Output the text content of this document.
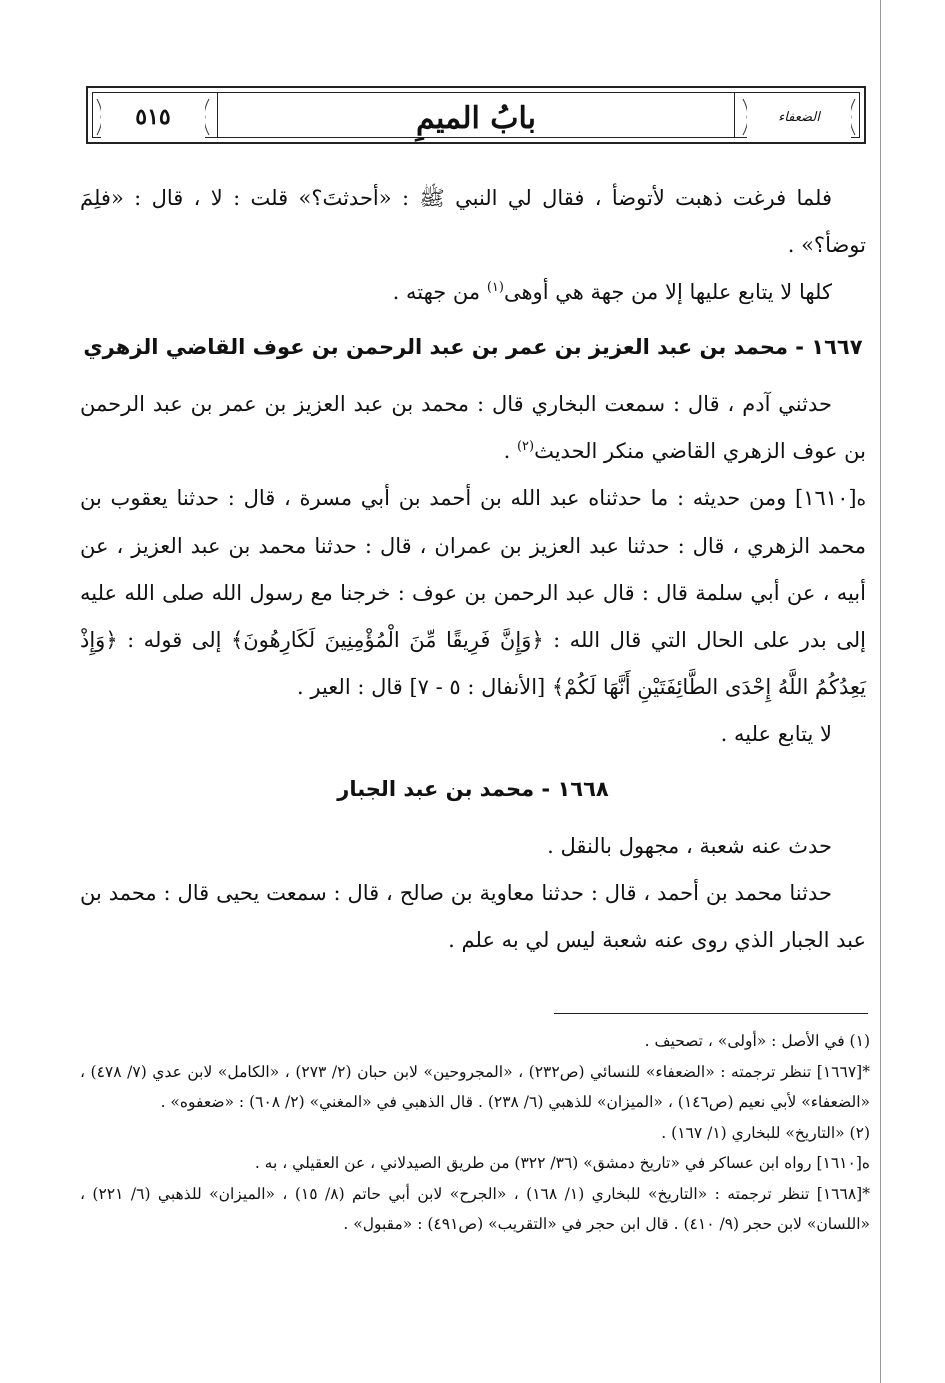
٥١٥	بابُ الميمِ	الضعفاء

فلما فرغت ذهبت لأتوضأ ، فقال لي النبي ﷺ : «أحدثتَ؟» قلت : لا ، قال : «فلِمَ توضأ؟» .

كلها لا يتابع عليها إلا من جهة هي أوهى$^{(١)}$ من جهته .

١٦٦٧ - محمد بن عبد العزيز بن عمر بن عبد الرحمن بن عوف القاضي الزهري

حدثني آدم ، قال : سمعت البخاري قال : محمد بن عبد العزيز بن عمر بن عبد الرحمن بن عوف الزهري القاضي منكر الحديث$^{(٢)}$ .

ه[١٦١٠] ومن حديثه : ما حدثناه عبد الله بن أحمد بن أبي مسرة ، قال : حدثنا يعقوب بن محمد الزهري ، قال : حدثنا عبد العزيز بن عمران ، قال : حدثنا محمد بن عبد العزيز ، عن أبيه ، عن أبي سلمة قال : قال عبد الرحمن بن عوف : خرجنا مع رسول الله صلى الله عليه إلى بدر على الحال التي قال الله : ﴿وَإِنَّ فَرِيقًا مِّنَ الْمُؤْمِنِينَ لَكَارِهُونَ﴾ إلى قوله : ﴿وَإِذْ يَعِدُكُمُ اللَّهُ إِحْدَى الطَّائِفَتَيْنِ أَنَّهَا لَكُمْ﴾ [الأنفال : ٥ - ٧] قال : العير .

لا يتابع عليه .

١٦٦٨ - محمد بن عبد الجبار

حدث عنه شعبة ، مجهول بالنقل .

حدثنا محمد بن أحمد ، قال : حدثنا معاوية بن صالح ، قال : سمعت يحيى قال : محمد بن عبد الجبار الذي روى عنه شعبة ليس لي به علم .

(١) في الأصل : «أولى» ، تصحيف .

*[١٦٦٧] تنظر ترجمته : «الضعفاء» للنسائي (ص٢٣٢) ، «المجروحين» لابن حبان (٢/ ٢٧٣) ، «الكامل» لابن عدي (٧/ ٤٧٨) ، «الضعفاء» لأبي نعيم (ص١٤٦) ، «الميزان» للذهبي (٦/ ٢٣٨) . قال الذهبي في «المغني» (٢/ ٦٠٨) : «ضعفوه» .

(٢) «التاريخ» للبخاري (١/ ١٦٧) .

ه[١٦١٠] رواه ابن عساكر في «تاريخ دمشق» (٣٦/ ٣٢٢) من طريق الصيدلاني ، عن العقيلي ، به .

*[١٦٦٨] تنظر ترجمته : «التاريخ» للبخاري (١/ ١٦٨) ، «الجرح» لابن أبي حاتم (٨/ ١٥) ، «الميزان» للذهبي (٦/ ٢٢١) ، «اللسان» لابن حجر (٩/ ٤١٠) . قال ابن حجر في «التقريب» (ص٤٩١) : «مقبول» .
